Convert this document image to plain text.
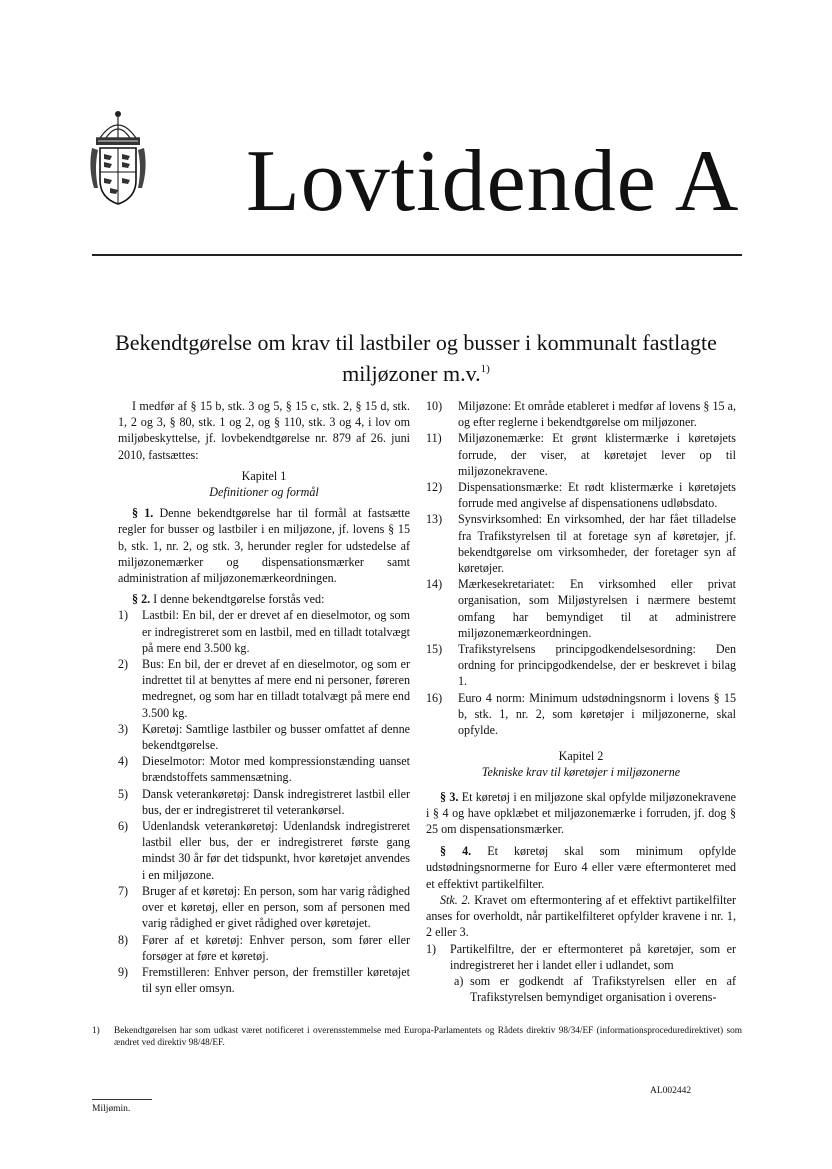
Lovtidende A
Bekendtgørelse om krav til lastbiler og busser i kommunalt fastlagte
miljøzoner m.v.$^{1)}$

I medfør af § 15 b, stk. 3 og 5, § 15 c, stk. 2, § 15 d, stk. 1, 2 og 3, § 80, stk. 1 og 2, og § 110, stk. 3 og 4, i lov om miljøbeskyttelse, jf. lovbekendtgørelse nr. 879 af 26. juni 2010, fastsættes:

Kapitel 1

Definitioner og formål

§ 1. Denne bekendtgørelse har til formål at fastsætte regler for busser og lastbiler i en miljøzone, jf. lovens § 15 b, stk. 1, nr. 2, og stk. 3, herunder regler for udstedelse af miljøzonemærker og dispensationsmærker samt administration af miljøzonemærkeordningen.

§ 2. I denne bekendtgørelse forstås ved:

1)	Lastbil: En bil, der er drevet af en dieselmotor, og som er indregistreret som en lastbil, med en tilladt totalvægt på mere end 3.500 kg.
2)	Bus: En bil, der er drevet af en dieselmotor, og som er indrettet til at benyttes af mere end ni personer, føreren medregnet, og som har en tilladt totalvægt på mere end 3.500 kg.
3)	Køretøj: Samtlige lastbiler og busser omfattet af denne bekendtgørelse.
4)	Dieselmotor: Motor med kompressionstænding uanset brændstoffets sammensætning.
5)	Dansk veterankøretøj: Dansk indregistreret lastbil eller bus, der er indregistreret til veterankørsel.
6)	Udenlandsk veterankøretøj: Udenlandsk indregistreret lastbil eller bus, der er indregistreret første gang mindst 30 år før det tidspunkt, hvor køretøjet anvendes i en miljøzone.
7)	Bruger af et køretøj: En person, som har varig rådighed over et køretøj, eller en person, som af personen med varig rådighed er givet rådighed over køretøjet.
8)	Fører af et køretøj: Enhver person, som fører eller forsøger at føre et køretøj.
9)	Fremstilleren: Enhver person, der fremstiller køretøjet til syn eller omsyn.
10)	Miljøzone: Et område etableret i medfør af lovens § 15 a, og efter reglerne i bekendtgørelse om miljøzoner.
11)	Miljøzonemærke: Et grønt klistermærke i køretøjets forrude, der viser, at køretøjet lever op til miljøzonekravene.
12)	Dispensationsmærke: Et rødt klistermærke i køretøjets forrude med angivelse af dispensationens udløbsdato.
13)	Synsvirksomhed: En virksomhed, der har fået tilladelse fra Trafikstyrelsen til at foretage syn af køretøjer, jf. bekendtgørelse om virksomheder, der foretager syn af køretøjer.
14)	Mærkesekretariatet: En virksomhed eller privat organisation, som Miljøstyrelsen i nærmere bestemt omfang har bemyndiget til at administrere miljøzonemærkeordningen.
15)	Trafikstyrelsens principgodkendelsesordning: Den ordning for principgodkendelse, der er beskrevet i bilag 1.
16)	Euro 4 norm: Minimum udstødningsnorm i lovens § 15 b, stk. 1, nr. 2, som køretøjer i miljøzonerne, skal opfylde.

Kapitel 2

Tekniske krav til køretøjer i miljøzonerne

§ 3. Et køretøj i en miljøzone skal opfylde miljøzonekravene i § 4 og have opklæbet et miljøzonemærke i forruden, jf. dog § 25 om dispensationsmærker.

§ 4. Et køretøj skal som minimum opfylde udstødningsnormerne for Euro 4 eller være eftermonteret med et effektivt partikelfilter.

Stk. 2. Kravet om eftermontering af et effektivt partikelfilter anses for overholdt, når partikelfilteret opfylder kravene i nr. 1, 2 eller 3.

1)	Partikelfiltre, der er eftermonteret på køretøjer, som er indregistreret her i landet eller i udlandet, som
a) som er godkendt af Trafikstyrelsen eller en af Trafikstyrelsen bemyndiget organisation i overens-
1)	Bekendtgørelsen har som udkast været notificeret i overensstemmelse med Europa-Parlamentets og Rådets direktiv 98/34/EF (informationsproceduredirektivet) som ændret ved direktiv 98/48/EF.
AL002442
Miljømin.
